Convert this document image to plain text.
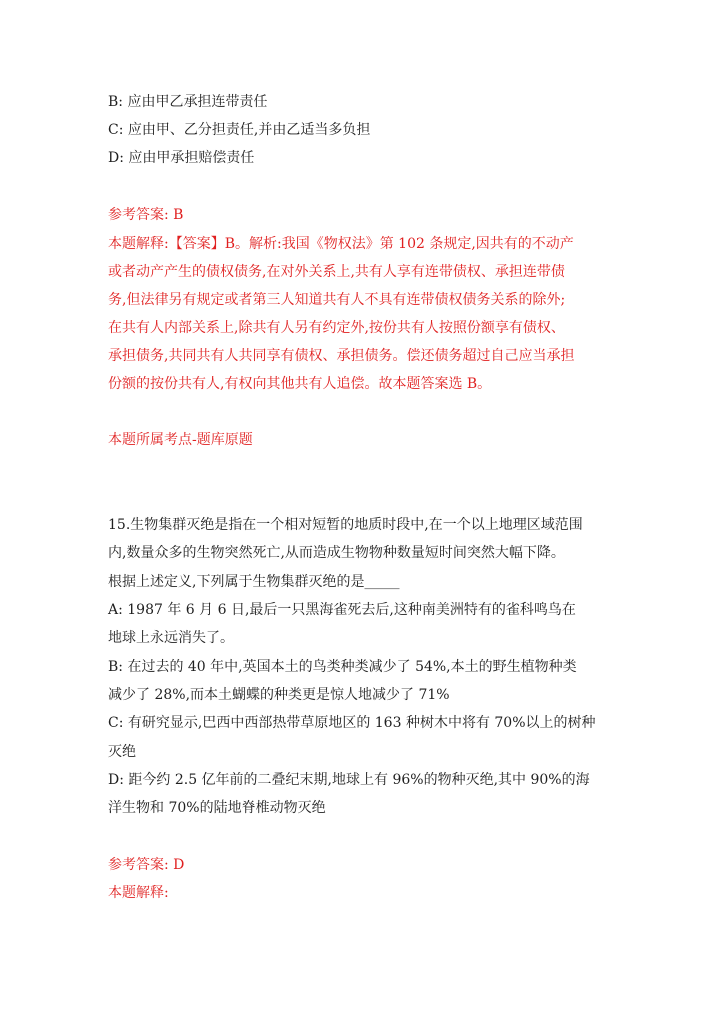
B: 应由甲乙承担连带责任
C: 应由甲、乙分担责任,并由乙适当多负担
D: 应由甲承担赔偿责任
参考答案: B
本题解释:【答案】B。解析:我国《物权法》第 102 条规定,因共有的不动产
或者动产产生的债权债务,在对外关系上,共有人享有连带债权、承担连带债
务,但法律另有规定或者第三人知道共有人不具有连带债权债务关系的除外;
在共有人内部关系上,除共有人另有约定外,按份共有人按照份额享有债权、
承担债务,共同共有人共同享有债权、承担债务。偿还债务超过自己应当承担
份额的按份共有人,有权向其他共有人追偿。故本题答案选 B。
本题所属考点-题库原题
15.生物集群灭绝是指在一个相对短暂的地质时段中,在一个以上地理区域范围
内,数量众多的生物突然死亡,从而造成生物物种数量短时间突然大幅下降。
根据上述定义,下列属于生物集群灭绝的是_____
A: 1987 年 6 月 6 日,最后一只黑海雀死去后,这种南美洲特有的雀科鸣鸟在
地球上永远消失了。
B: 在过去的 40 年中,英国本土的鸟类种类减少了 54%,本土的野生植物种类
减少了 28%,而本土蝴蝶的种类更是惊人地减少了 71%
C: 有研究显示,巴西中西部热带草原地区的 163 种树木中将有 70%以上的树种
灭绝
D: 距今约 2.5 亿年前的二叠纪末期,地球上有 96%的物种灭绝,其中 90%的海
洋生物和 70%的陆地脊椎动物灭绝
参考答案: D
本题解释:
